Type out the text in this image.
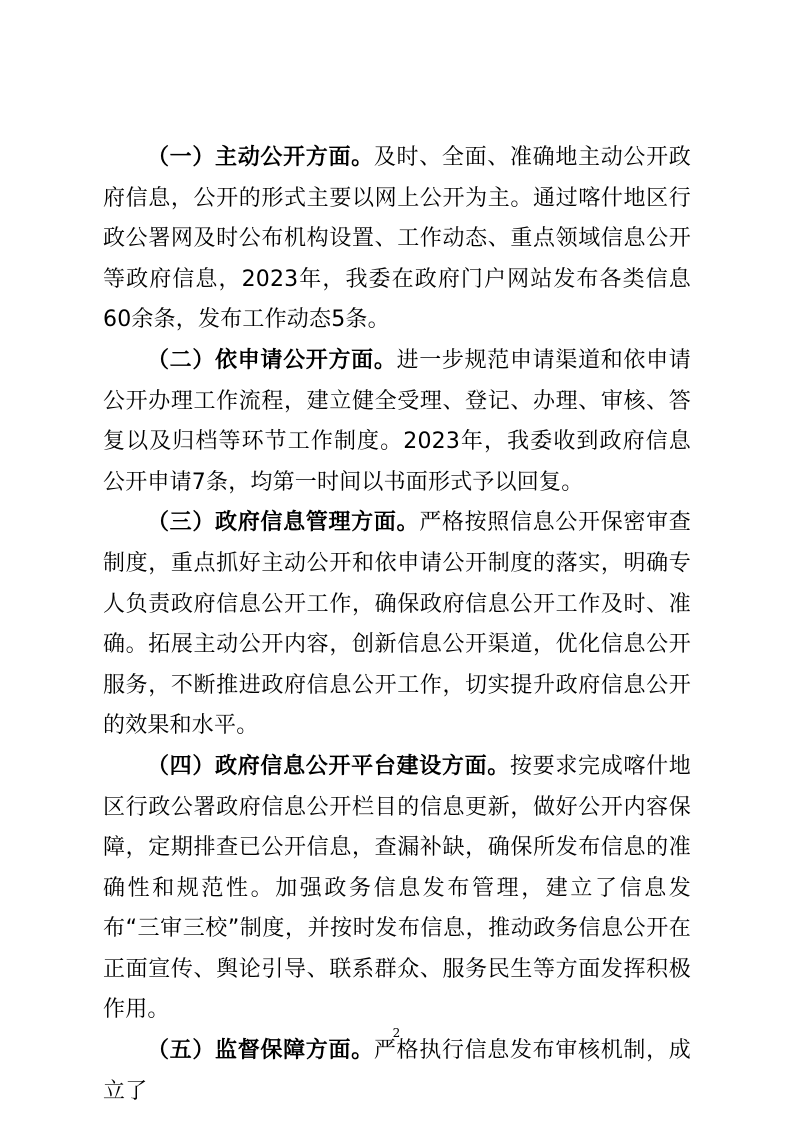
（一）主动公开方面。及时、全面、准确地主动公开政府信息，公开的形式主要以网上公开为主。通过喀什地区行政公署网及时公布机构设置、工作动态、重点领域信息公开等政府信息，2023年，我委在政府门户网站发布各类信息60余条，发布工作动态5条。

（二）依申请公开方面。进一步规范申请渠道和依申请公开办理工作流程，建立健全受理、登记、办理、审核、答复以及归档等环节工作制度。2023年，我委收到政府信息公开申请7条，均第一时间以书面形式予以回复。

（三）政府信息管理方面。严格按照信息公开保密审查制度，重点抓好主动公开和依申请公开制度的落实，明确专人负责政府信息公开工作，确保政府信息公开工作及时、准确。拓展主动公开内容，创新信息公开渠道，优化信息公开服务，不断推进政府信息公开工作，切实提升政府信息公开的效果和水平。

（四）政府信息公开平台建设方面。按要求完成喀什地区行政公署政府信息公开栏目的信息更新，做好公开内容保障，定期排查已公开信息，查漏补缺，确保所发布信息的准确性和规范性。加强政务信息发布管理，建立了信息发布“三审三校”制度，并按时发布信息，推动政务信息公开在正面宣传、舆论引导、联系群众、服务民生等方面发挥积极作用。

（五）监督保障方面。严格执行信息发布审核机制，成立了

2
